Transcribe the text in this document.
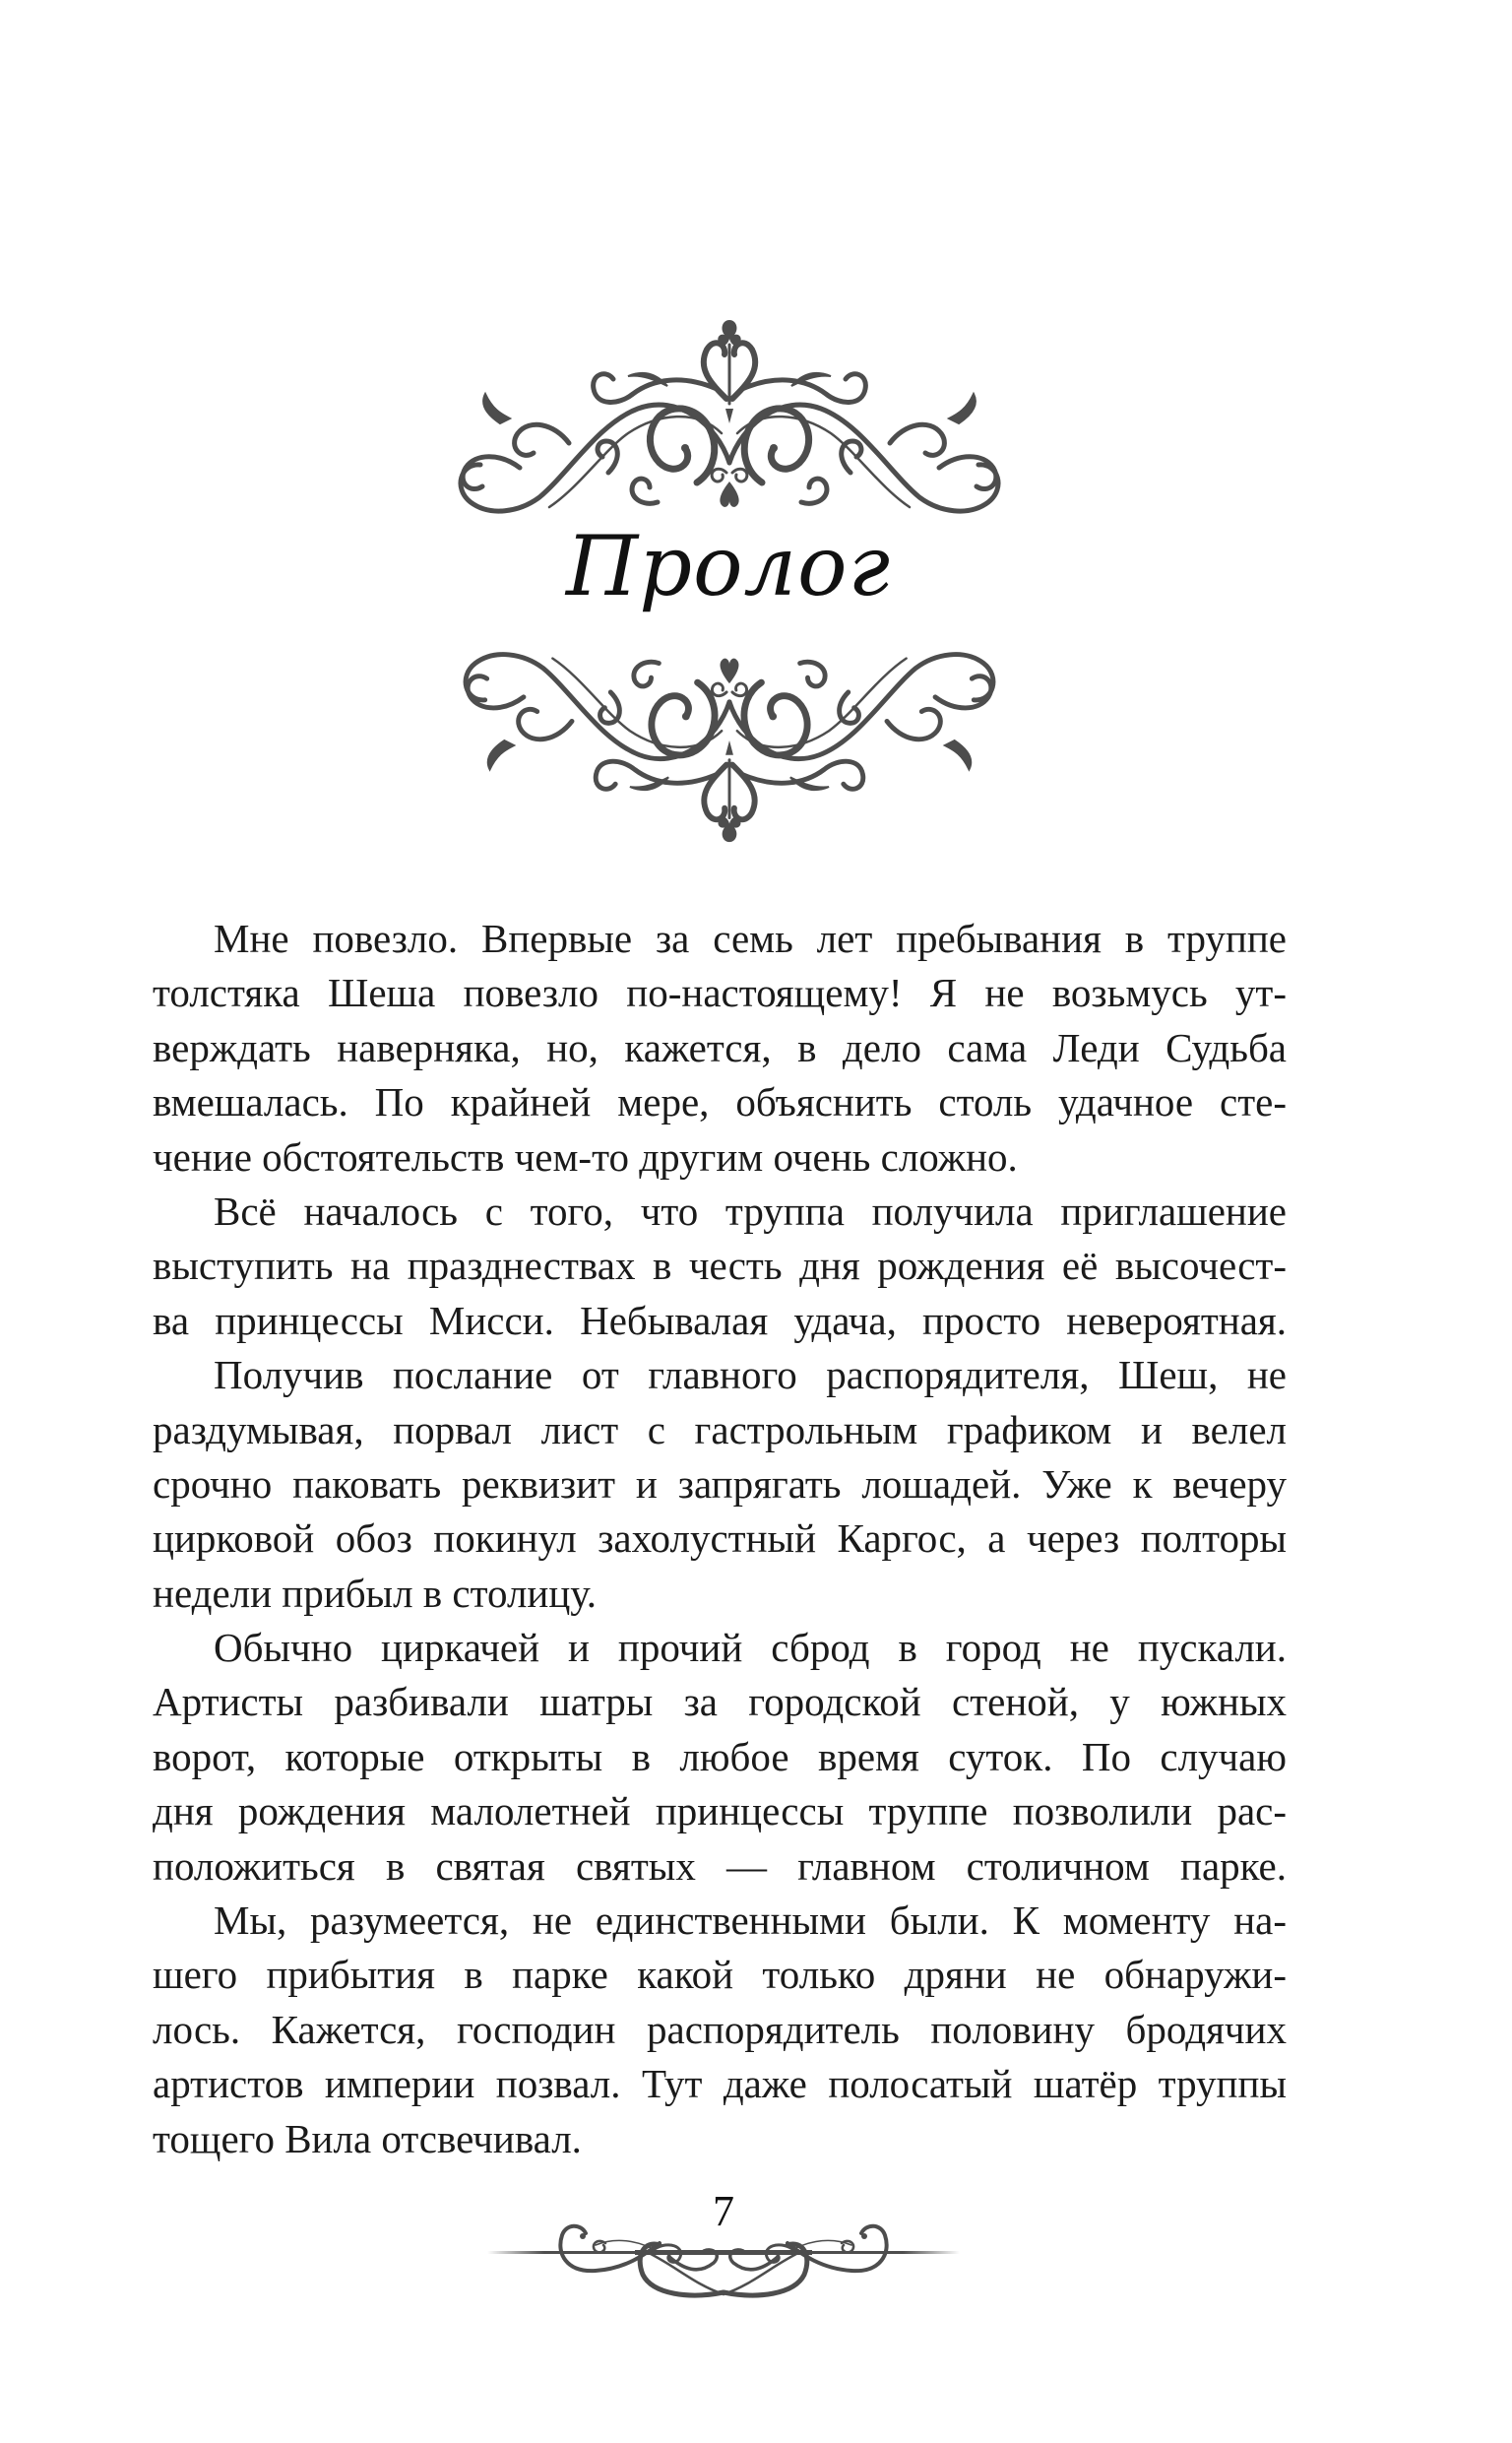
Пролог
Мне повезло. Впервые за семь лет пребывания в труппе
толстяка Шеша повезло по-настоящему! Я не возьмусь ут-
верждать наверняка, но, кажется, в дело сама Леди Судьба
вмешалась. По крайней мере, объяснить столь удачное сте-
чение обстоятельств чем-то другим очень сложно.
Всё началось с того, что труппа получила приглашение
выступить на празднествах в честь дня рождения её высочест-
ва принцессы Мисси. Небывалая удача, просто невероятная.
Получив послание от главного распорядителя, Шеш, не
раздумывая, порвал лист с гастрольным графиком и велел
срочно паковать реквизит и запрягать лошадей. Уже к вечеру
цирковой обоз покинул захолустный Каргос, а через полторы
недели прибыл в столицу.
Обычно циркачей и прочий сброд в город не пускали.
Артисты разбивали шатры за городской стеной, у южных
ворот, которые открыты в любое время суток. По случаю
дня рождения малолетней принцессы труппе позволили рас-
положиться в святая святых — главном столичном парке.
Мы, разумеется, не единственными были. К моменту на-
шего прибытия в парке какой только дряни не обнаружи-
лось. Кажется, господин распорядитель половину бродячих
артистов империи позвал. Тут даже полосатый шатёр труппы
тощего Вила отсвечивал.
7
